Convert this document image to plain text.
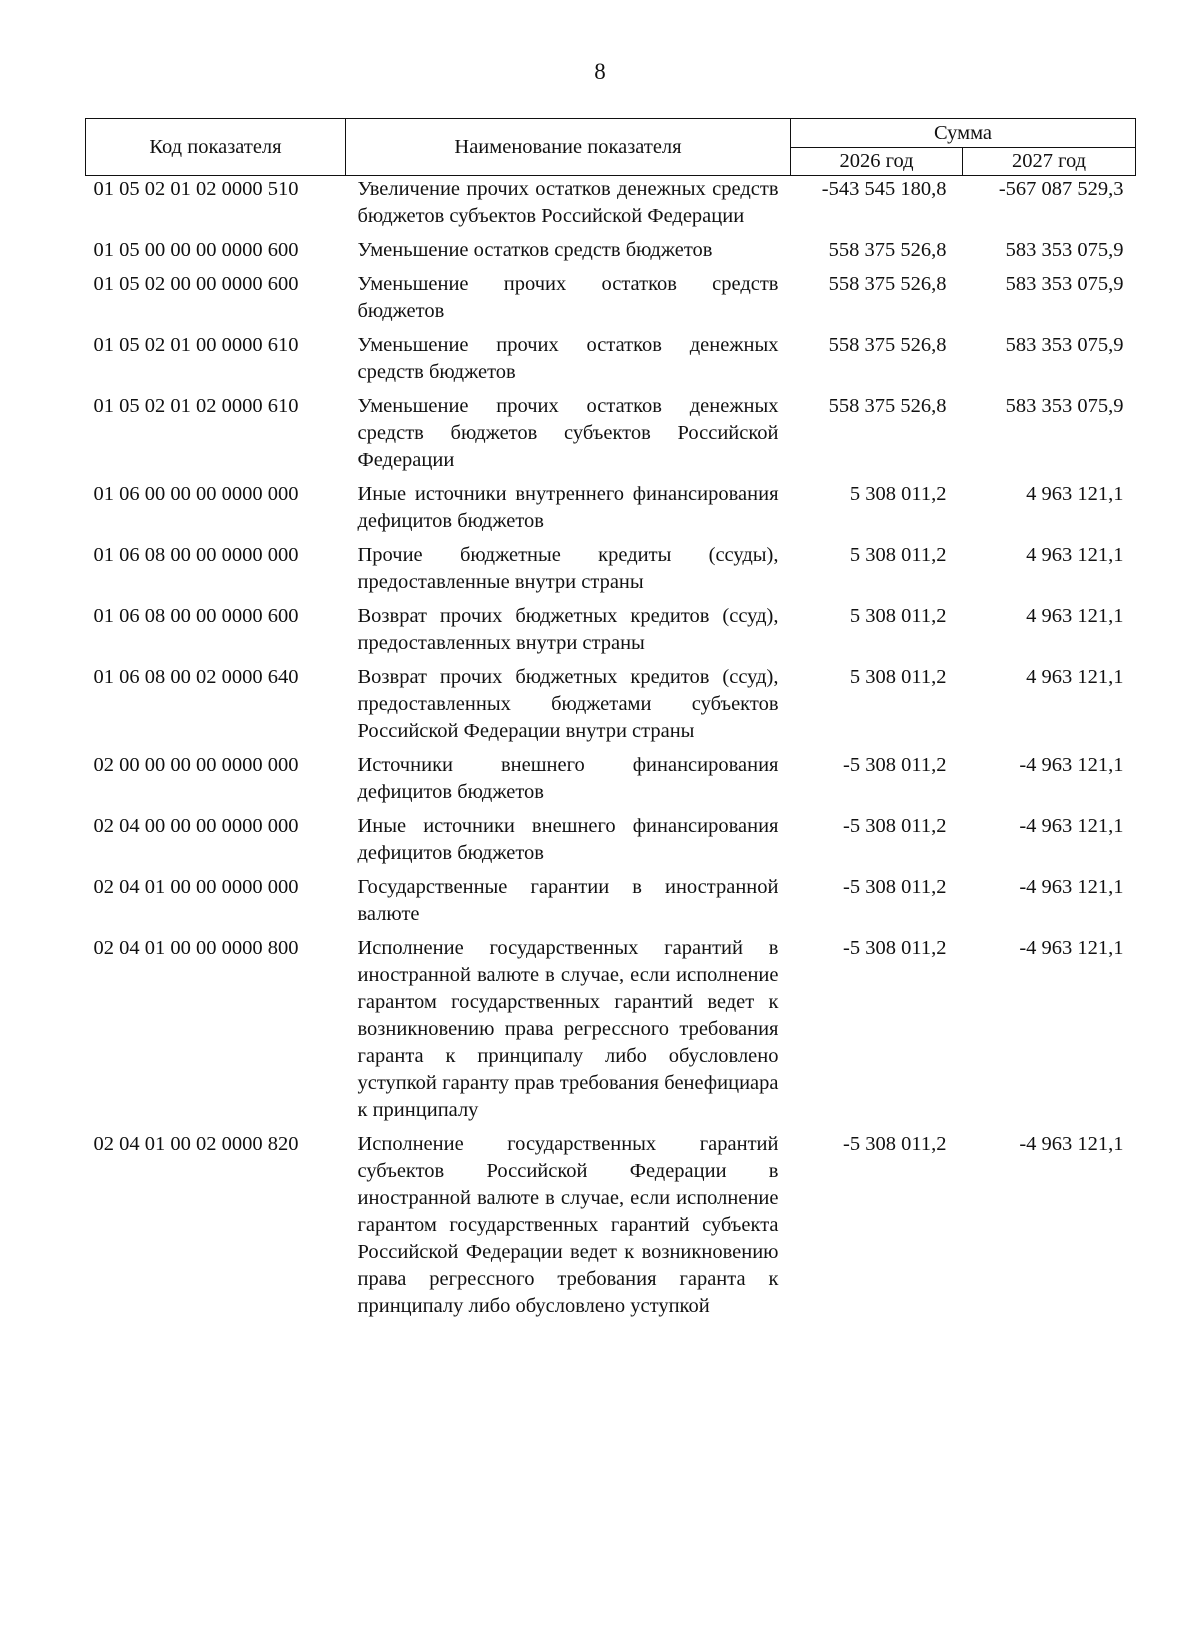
8
Код показателя	Наименование показателя	Сумма	
		2026 год	2027 год
01 05 02 01 02 0000 510	Увеличение прочих остатков денежных средств бюджетов субъектов Российской Федерации	-543 545 180,8	-567 087 529,3
01 05 00 00 00 0000 600	Уменьшение остатков средств бюджетов	558 375 526,8	583 353 075,9
01 05 02 00 00 0000 600	Уменьшение прочих остатков средств бюджетов	558 375 526,8	583 353 075,9
01 05 02 01 00 0000 610	Уменьшение прочих остатков денежных средств бюджетов	558 375 526,8	583 353 075,9
01 05 02 01 02 0000 610	Уменьшение прочих остатков денежных средств бюджетов субъектов Российской Федерации	558 375 526,8	583 353 075,9
01 06 00 00 00 0000 000	Иные источники внутреннего финансирования дефицитов бюджетов	5 308 011,2	4 963 121,1
01 06 08 00 00 0000 000	Прочие бюджетные кредиты (ссуды), предоставленные внутри страны	5 308 011,2	4 963 121,1
01 06 08 00 00 0000 600	Возврат прочих бюджетных кредитов (ссуд), предоставленных внутри страны	5 308 011,2	4 963 121,1
01 06 08 00 02 0000 640	Возврат прочих бюджетных кредитов (ссуд), предоставленных бюджетами субъектов Российской Федерации внутри страны	5 308 011,2	4 963 121,1
02 00 00 00 00 0000 000	Источники внешнего финансирования дефицитов бюджетов	-5 308 011,2	-4 963 121,1
02 04 00 00 00 0000 000	Иные источники внешнего финансирования дефицитов бюджетов	-5 308 011,2	-4 963 121,1
02 04 01 00 00 0000 000	Государственные гарантии в иностранной валюте	-5 308 011,2	-4 963 121,1
02 04 01 00 00 0000 800	Исполнение государственных гарантий в иностранной валюте в случае, если исполнение гарантом государственных гарантий ведет к возникновению права регрессного требования гаранта к принципалу либо обусловлено уступкой гаранту прав требования бенефициара к принципалу	-5 308 011,2	-4 963 121,1
02 04 01 00 02 0000 820	Исполнение государственных гарантий субъектов Российской Федерации в иностранной валюте в случае, если исполнение гарантом государственных гарантий субъекта Российской Федерации ведет к возникновению права регрессного требования гаранта к принципалу либо обусловлено уступкой	-5 308 011,2	-4 963 121,1
